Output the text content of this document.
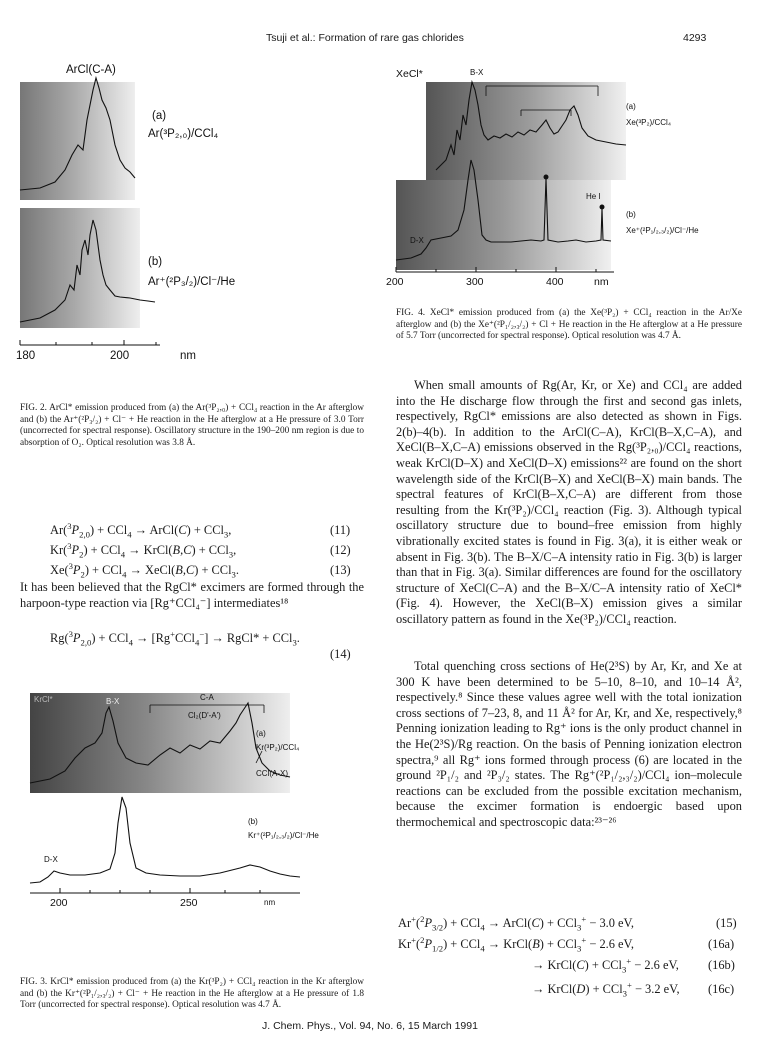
Tsuji et al.: Formation of rare gas chlorides	4293
ArCl(C-A)
(a)
Ar(³P₂,₀)/CCl₄
(b)
Ar⁺(²P₃/₂)/Cl⁻/He
180	200	nm
FIG. 2. ArCl* emission produced from (a) the Ar(³P₂,₀) + CCl₄ reaction in the Ar afterglow and (b) the Ar⁺(²P₃/₂) + Cl⁻ + He reaction in the He afterglow at a He pressure of 3.0 Torr (uncorrected for spectral response). Oscillatory structure in the 190–200 nm region is due to absorption of O₂. Optical resolution was 3.8 Å.
XeCl*	B-X
(a)
Xe(³P₂)/CCl₄
He I
(b)
Xe⁺(²P₁/₂,₃/₂)/Cl⁻/He
D-X
200	300	400	nm
FIG. 4. XeCl* emission produced from (a) the Xe(³P₂) + CCl₄ reaction in the Ar/Xe afterglow and (b) the Xe⁺(²P₁/₂,₃/₂) + Cl + He reaction in the He afterglow at a He pressure of 5.7 Torr (uncorrected for spectral response). Optical resolution was 4.7 Å.
$Ar(^3P_{2,0}) + CCl_4$ → ArCl(C) + CCl$_3$,	(11)
$Kr(^3P_2) + CCl_4$ → KrCl(B,C) + CCl$_3$,	(12)
$Xe(^3P_2) + CCl_4$ → XeCl(B,C) + CCl$_3$.	(13)
It has been believed that the RgCl* excimers are formed through the harpoon-type reaction via [Rg⁺CCl₄⁻] intermediates¹⁸
$Rg(^3P_{2,0}) + CCl_4 \to [Rg^+CCl_4^-]$ → RgCl* + CCl$_3$.
(14)
KrCl*	B-X	C-A
Cl₂(D'-A')
(a)
Kr(³P₂)/CCl₄
CCl(A-X)
(b)
Kr⁺(²P₁/₂,₃/₂)/Cl⁻/He
D-X
200	250	nm
FIG. 3. KrCl* emission produced from (a) the Kr(³P₂) + CCl₄ reaction in the Kr afterglow and (b) the Kr⁺(²P₁/₂,₃/₂) + Cl⁻ + He reaction in the He afterglow at a He pressure of 1.8 Torr (uncorrected for spectral response). Optical resolution was 4.7 Å.
When small amounts of Rg(Ar, Kr, or Xe) and CCl₄ are added into the He discharge flow through the first and second gas inlets, respectively, RgCl* emissions are also detected as shown in Figs. 2(b)–4(b). In addition to the ArCl(C–A), KrCl(B–X,C–A), and XeCl(B–X,C–A) emissions observed in the Rg(³P₂,₀)/CCl₄ reactions, weak KrCl(D–X) and XeCl(D–X) emissions²² are found on the short wavelength side of the KrCl(B–X) and XeCl(B–X) main bands. The spectral features of KrCl(B–X,C–A) are different from those resulting from the Kr(³P₂)/CCl₄ reaction (Fig. 3). Although typical oscillatory structure due to bound–free emission from highly vibrationally excited states is found in Fig. 3(a), it is either weak or absent in Fig. 3(b). The B–X/C–A intensity ratio in Fig. 3(b) is larger than that in Fig. 3(a). Similar differences are found for the oscillatory structure of XeCl(C–A) and the B–X/C–A intensity ratio of XeCl* (Fig. 4). However, the XeCl(B–X) emission gives a similar oscillatory pattern as found in the Xe(³P₂)/CCl₄ reaction.
Total quenching cross sections of He(2³S) by Ar, Kr, and Xe at 300 K have been determined to be 5–10, 8–10, and 10–14 Å², respectively.⁸ Since these values agree well with the total ionization cross sections of 7–23, 8, and 11 Å² for Ar, Kr, and Xe, respectively,⁸ Penning ionization leading to Rg⁺ ions is the only product channel in the He(2³S)/Rg reaction. On the basis of Penning ionization electron spectra,⁹ all Rg⁺ ions formed through process (6) are located in the ground ²P₁/₂ and ²P₃/₂ states. The Rg⁺(²P₁/₂,₃/₂)/CCl₄ ion–molecule reactions can be excluded from the possible excitation mechanism, because the excimer formation is endoergic based upon thermochemical and spectroscopic data:²³⁻²⁶
$Ar^+(^2P_{3/2}) + CCl_4$ → ArCl(C) + CCl$_3$+ − 3.0 eV,	(15)
$Kr^+(^2P_{1/2}) + CCl_4$ → KrCl(B) + CCl$_3$+ − 2.6 eV,	(16a)
→ KrCl(C) + CCl$_3$+ − 2.6 eV, (16b)
→ KrCl(D) + CCl$_3$+ − 3.2 eV, (16c)
J. Chem. Phys., Vol. 94, No. 6, 15 March 1991
